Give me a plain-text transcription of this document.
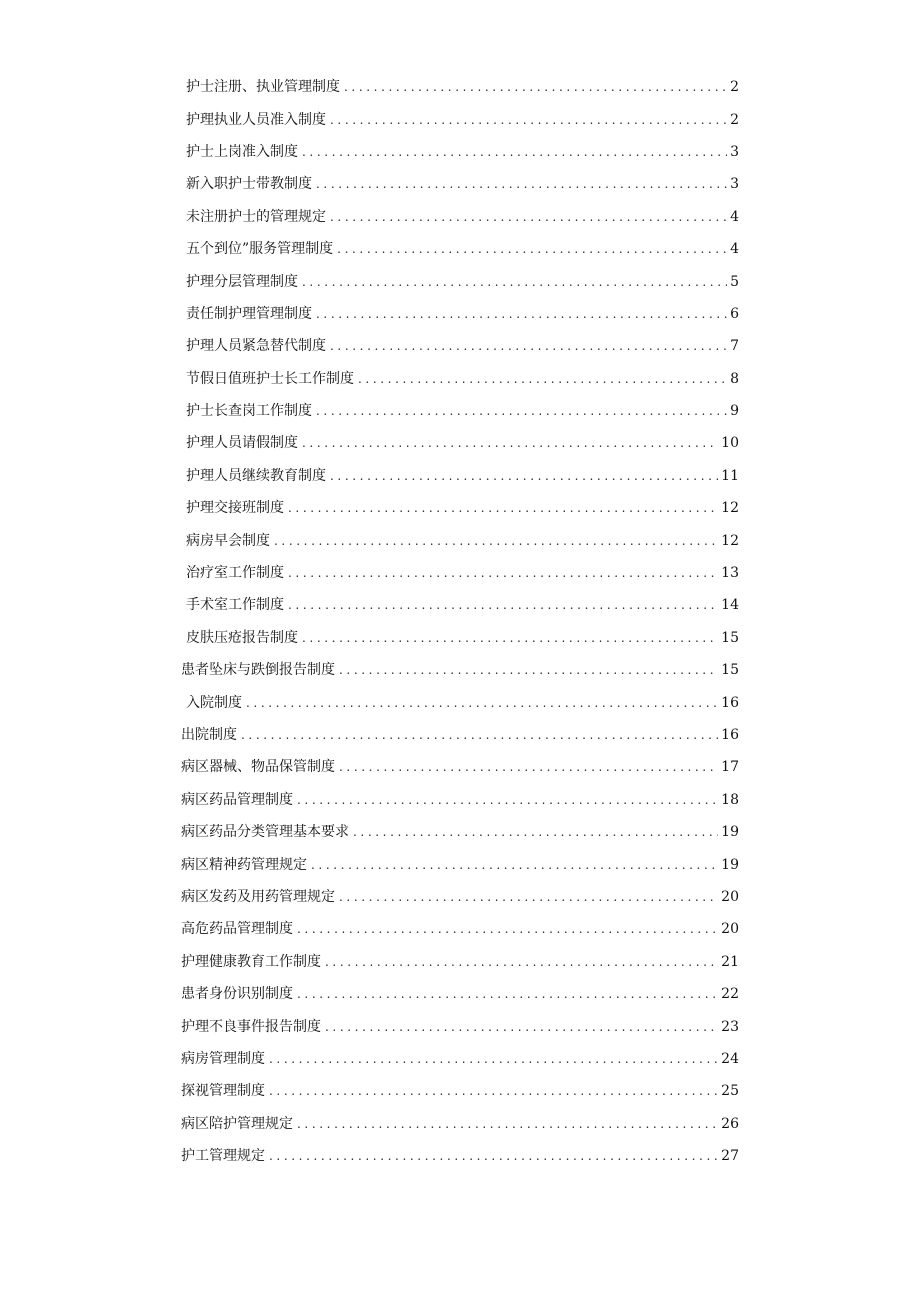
护士注册、执业管理制度 .....	2
护理执业人员准入制度 .....	2
护士上岗准入制度 .....	3
新入职护士带教制度 .....	3
未注册护士的管理规定 .....	4
五个到位”服务管理制度 .....	4
护理分层管理制度 .....	5
责任制护理管理制度 .....	6
护理人员紧急替代制度 .....	7
节假日值班护士长工作制度 .....	8
护士长查岗工作制度 .....	9
护理人员请假制度 .....	10
护理人员继续教育制度 .....	11
护理交接班制度 .....	12
病房早会制度 .....	12
治疗室工作制度 .....	13
手术室工作制度 .....	14
皮肤压疮报告制度 .....	15
患者坠床与跌倒报告制度 .....	15
入院制度 .....	16
出院制度 .....	16
病区器械、物品保管制度 .....	17
病区药品管理制度 .....	18
病区药品分类管理基本要求 .....	19
病区精神药管理规定 .....	19
病区发药及用药管理规定 .....	20
高危药品管理制度 .....	20
护理健康教育工作制度 .....	21
患者身份识别制度 .....	22
护理不良事件报告制度 .....	23
病房管理制度 .....	24
探视管理制度 .....	25
病区陪护管理规定 .....	26
护工管理规定 .....	27
